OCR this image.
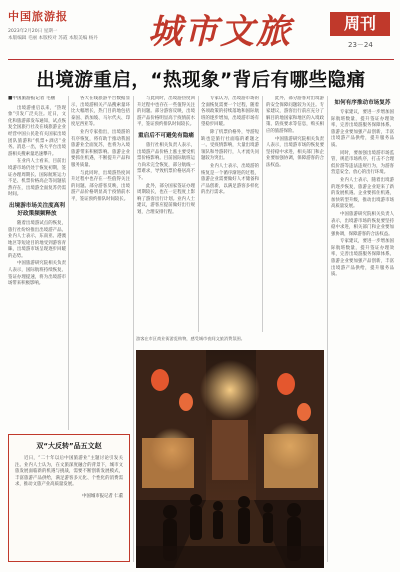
中国旅游报
2023年2月20日 星期一
本版编辑 毛丽 本版校对 苏霞 本版美编 杨丹	城市文旅	周刊
23－24
出境游重启，“热现象”背后有哪些隐痛
■中国旅游报记者 毛丽

出境游重启以来，“热现象”引发广泛关注。近日，文化和旅游部发布通知，试点恢复全国旅行社及在线旅游企业经营中国公民赴有关国家出境团队旅游和“机票+酒店”业务。消息一出，各大平台出境游相关搜索量迅速攀升。

在业内人士看来，目前出境游市场仍处于恢复初期，签证办理周期长、国际航班运力不足、机票价格高企等问题依然存在，出境游全面复苏仍需时间。

出境游市场关注度高利好政策频频释放

随着出境游试点的恢复，旅行社纷纷推出出境游产品。业内人士表示，东南亚、港澳地区等短途目的地受到游客青睐，出境游市场呈现逐步回暖的态势。

中国旅游研究院相关负责人表示，国际航班持续恢复、签证办理提速，将为出境游市场带来积极影响。

各大在线旅游平台数据显示，出境游相关产品搜索量环比大幅增长，热门目的地包括泰国、新加坡、马尔代夫、印度尼西亚等。

业内专家指出，出境游的有序恢复，将有助于推动我国旅游业全面复苏，也将为入境旅游带来积极影响。旅游企业要抓住机遇，不断提升产品和服务质量。

与此同时，出境游热度回升过程中也存在一些值得关注的问题。部分游客反映，出境游产品价格明显高于疫情前水平，签证预约排队时间较长。

与此同时，出境游热度回升过程中也存在一些值得关注的问题。部分游客反映，出境游产品价格明显高于疫情前水平，签证预约排队时间较长。

重启后不可避免有隐痛

旅行社相关负责人表示，出境游产品价格上涨主要受机票价格影响。目前国际航班运力尚未完全恢复，部分航线一票难求，导致机票价格居高不下。

此外，部分国家签证办理周期较长，也在一定程度上影响了游客出行计划。业内人士建议，游客应提前做好出行规划，合理安排行程。

专家认为，出境游市场的全面恢复需要一个过程，随着各项政策的持续落地和国际航班的逐步增加，出境游市场有望稳步回暖。

除了机票价格外，导游短缺也是旅行社面临的难题之一。受疫情影响，大量出境游领队和导游转行，人才流失问题较为突出。

业内人士表示，出境游的恢复是一个循序渐进的过程，旅游企业需要做好人才储备和产品创新，以满足游客多样化的出行需求。

此外，部分游客对出境游的安全保障问题较为关注。专家建议，游客出行前应充分了解目的地国家和地区的入境政策、防疫要求等信息，购买相应的旅游保险。

中国旅游研究院相关负责人表示，出境游市场的恢复要坚持稳中求进，相关部门和企业要加强协调，保障游客的合法权益。

如何有序推动市场复苏

专家建议，要进一步增加国际航班数量，提升签证办理效率，完善出境游服务保障体系。旅游企业要加强产品创新，丰富出境游产品供给，提升服务品质。

同时，要加强出境游市场监管，规范市场秩序，打击不合理低价游等违法违规行为，为游客营造安全、放心的出行环境。

业内人士表示，随着出境游的逐步恢复，旅游企业迎来了新的发展机遇。企业要抓住机遇，加快转型升级，推动出境游市场高质量发展。

中国旅游研究院相关负责人表示，出境游市场的恢复要坚持稳中求进，相关部门和企业要加强协调，保障游客的合法权益。

专家建议，要进一步增加国际航班数量，提升签证办理效率，完善出境游服务保障体系。旅游企业要加强产品创新，丰富出境游产品供给，提升服务品质。

游客在市区商业街游览购物，感受城市夜间文旅消费氛围。
双“大反转”品五文赵
近日，“二十年以后中国旅游业”主题讨论引发关注。业内人士认为，在文旅深度融合的背景下，城市文旅发展面临新的机遇与挑战，需要不断创新发展模式，丰富旅游产品供给，满足游客多元化、个性化的消费需求，推动文旅产业高质量发展。
中国城市报记者 仁董
